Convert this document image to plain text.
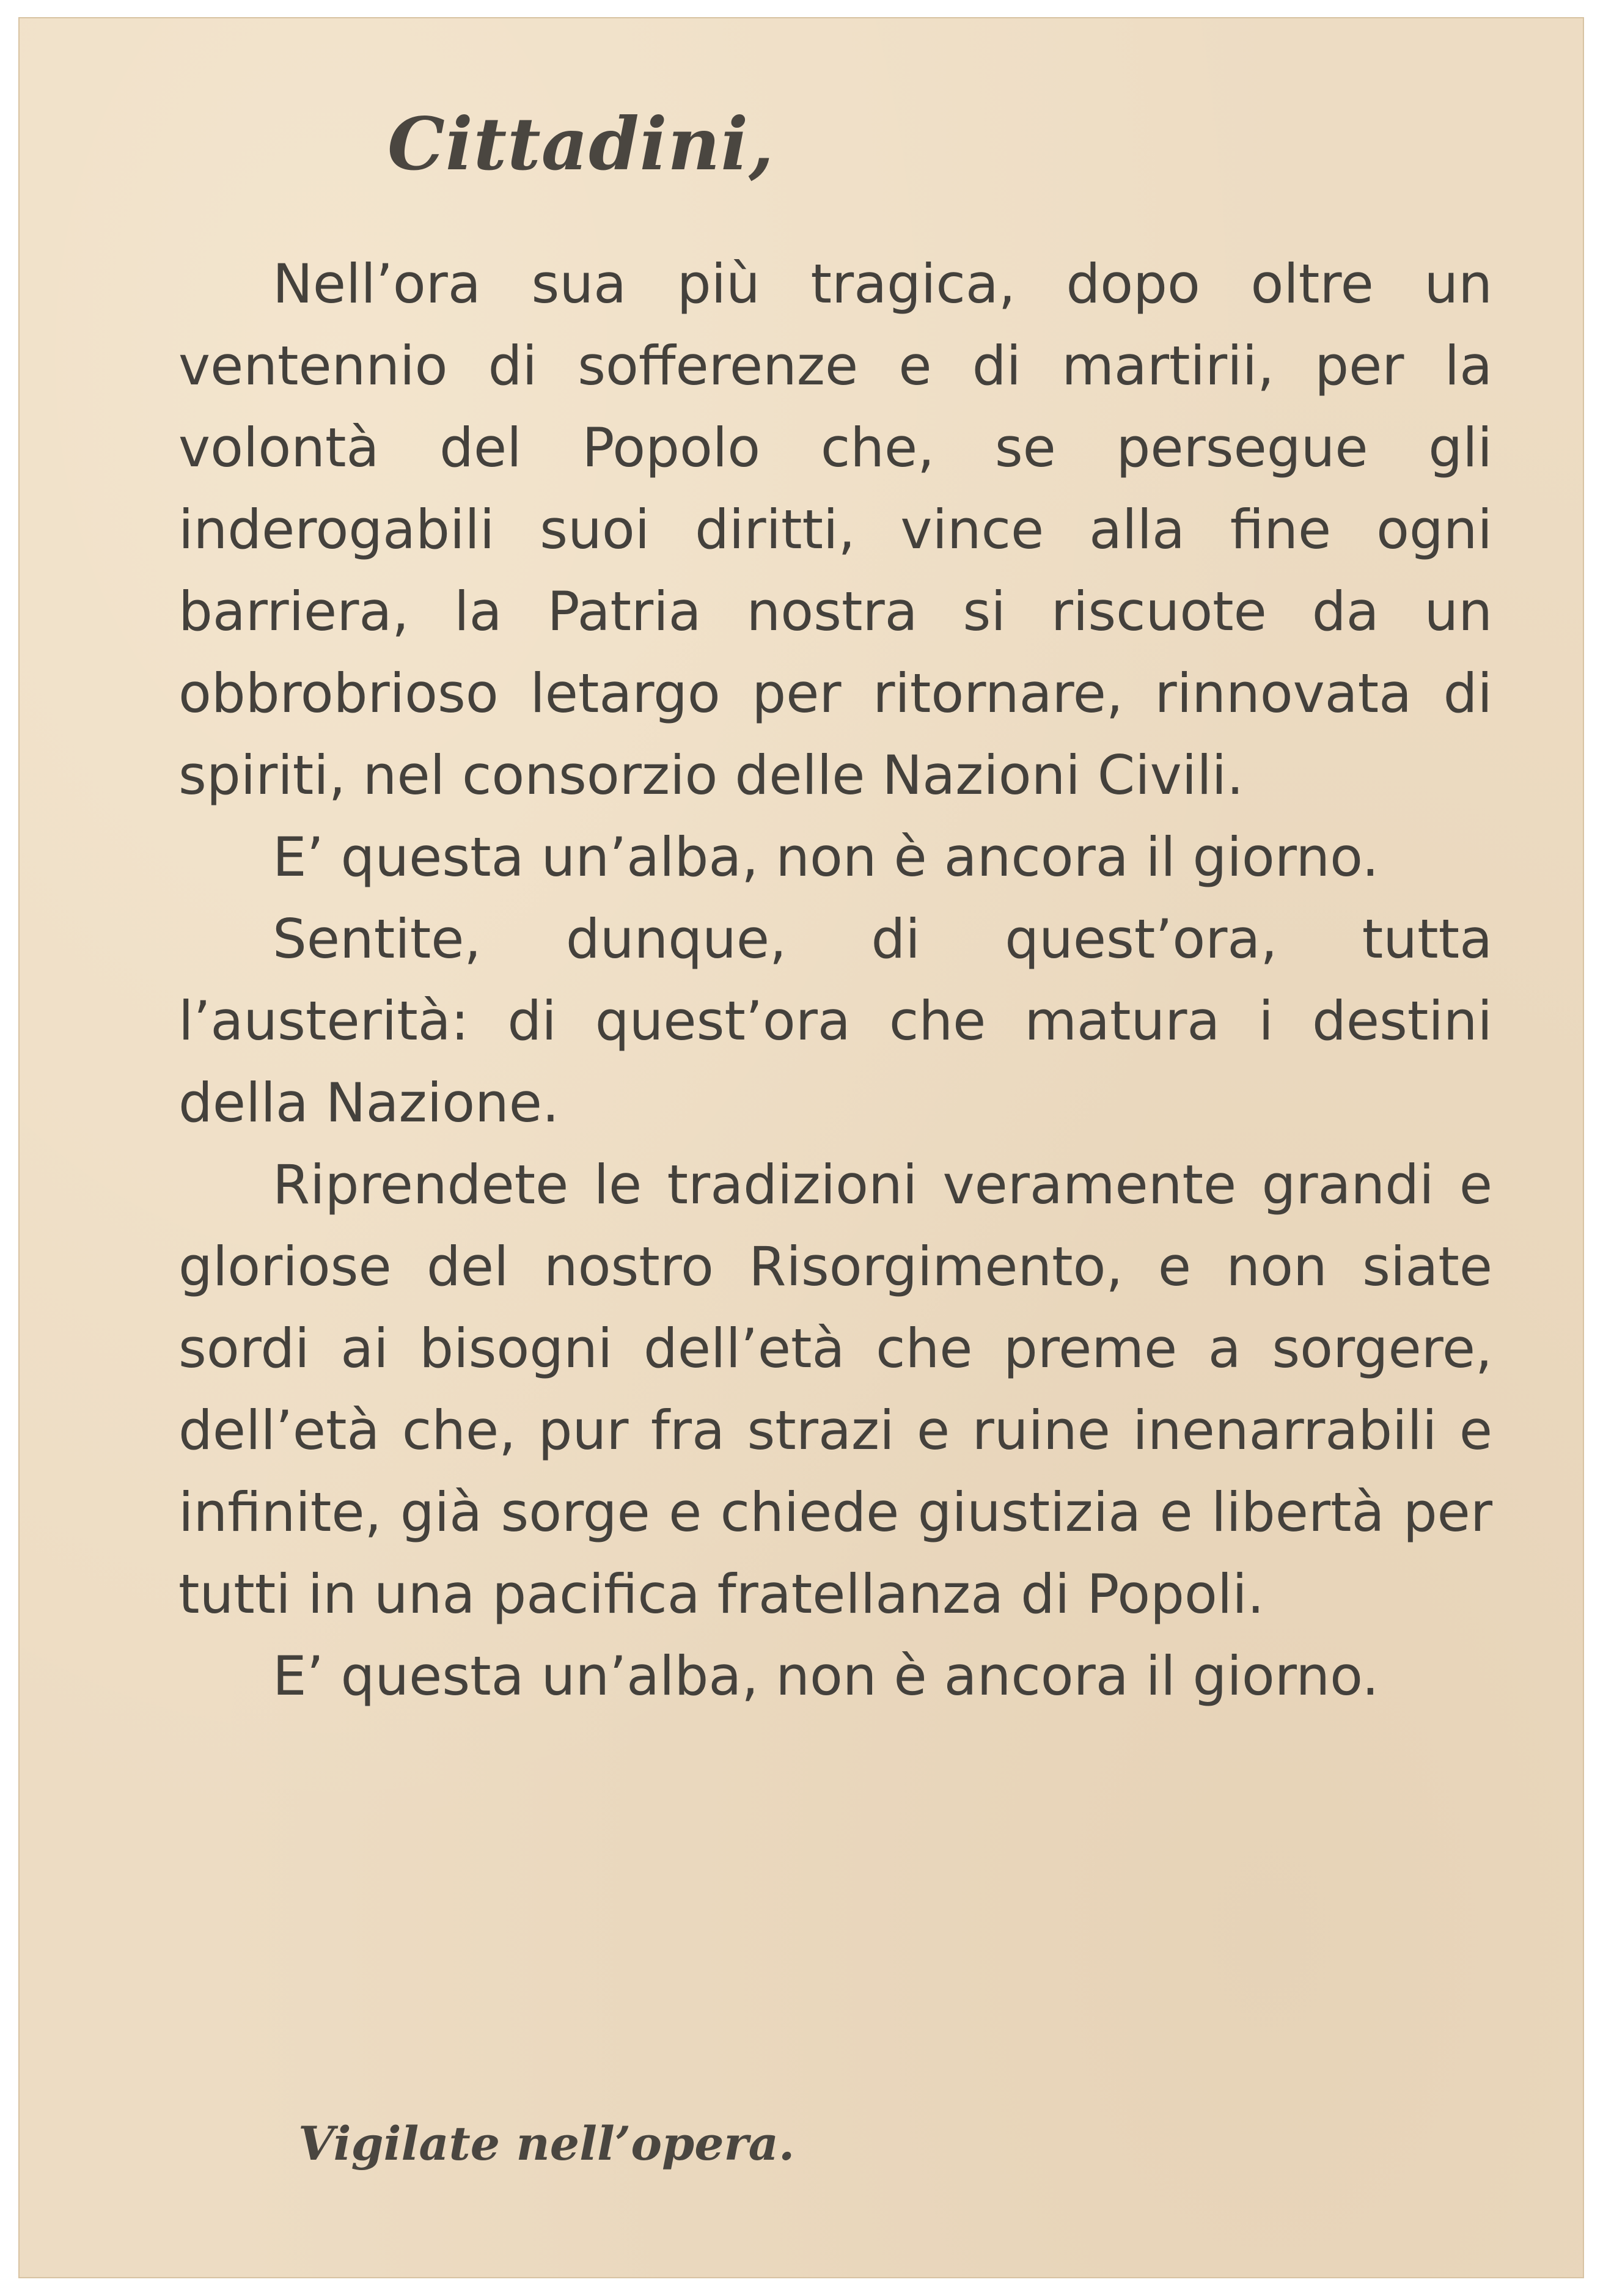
Cittadini,

Nell’ora sua più tragica, dopo oltre un ventennio di sofferenze e di martirii, per la volontà del Popolo che, se persegue gli inderogabili suoi diritti, vince alla fine ogni barriera, la Patria nostra si riscuote da un obbrobrioso letargo per ritornare, rinnovata di spiriti, nel consorzio delle Nazioni Civili.

E’ questa un’alba, non è ancora il giorno.

Sentite, dunque, di quest’ora, tutta l’austerità: di quest’ora che matura i destini della Nazione.

Riprendete le tradizioni veramente grandi e gloriose del nostro Risorgimento, e non siate sordi ai bisogni dell’età che preme a sorgere, dell’età che, pur fra strazi e ruine inenarrabili e infinite, già sorge e chiede giustizia e libertà per tutti in una pacifica fratellanza di Popoli.

E’ questa un’alba, non è ancora il giorno.

Vigilate nell’opera.
